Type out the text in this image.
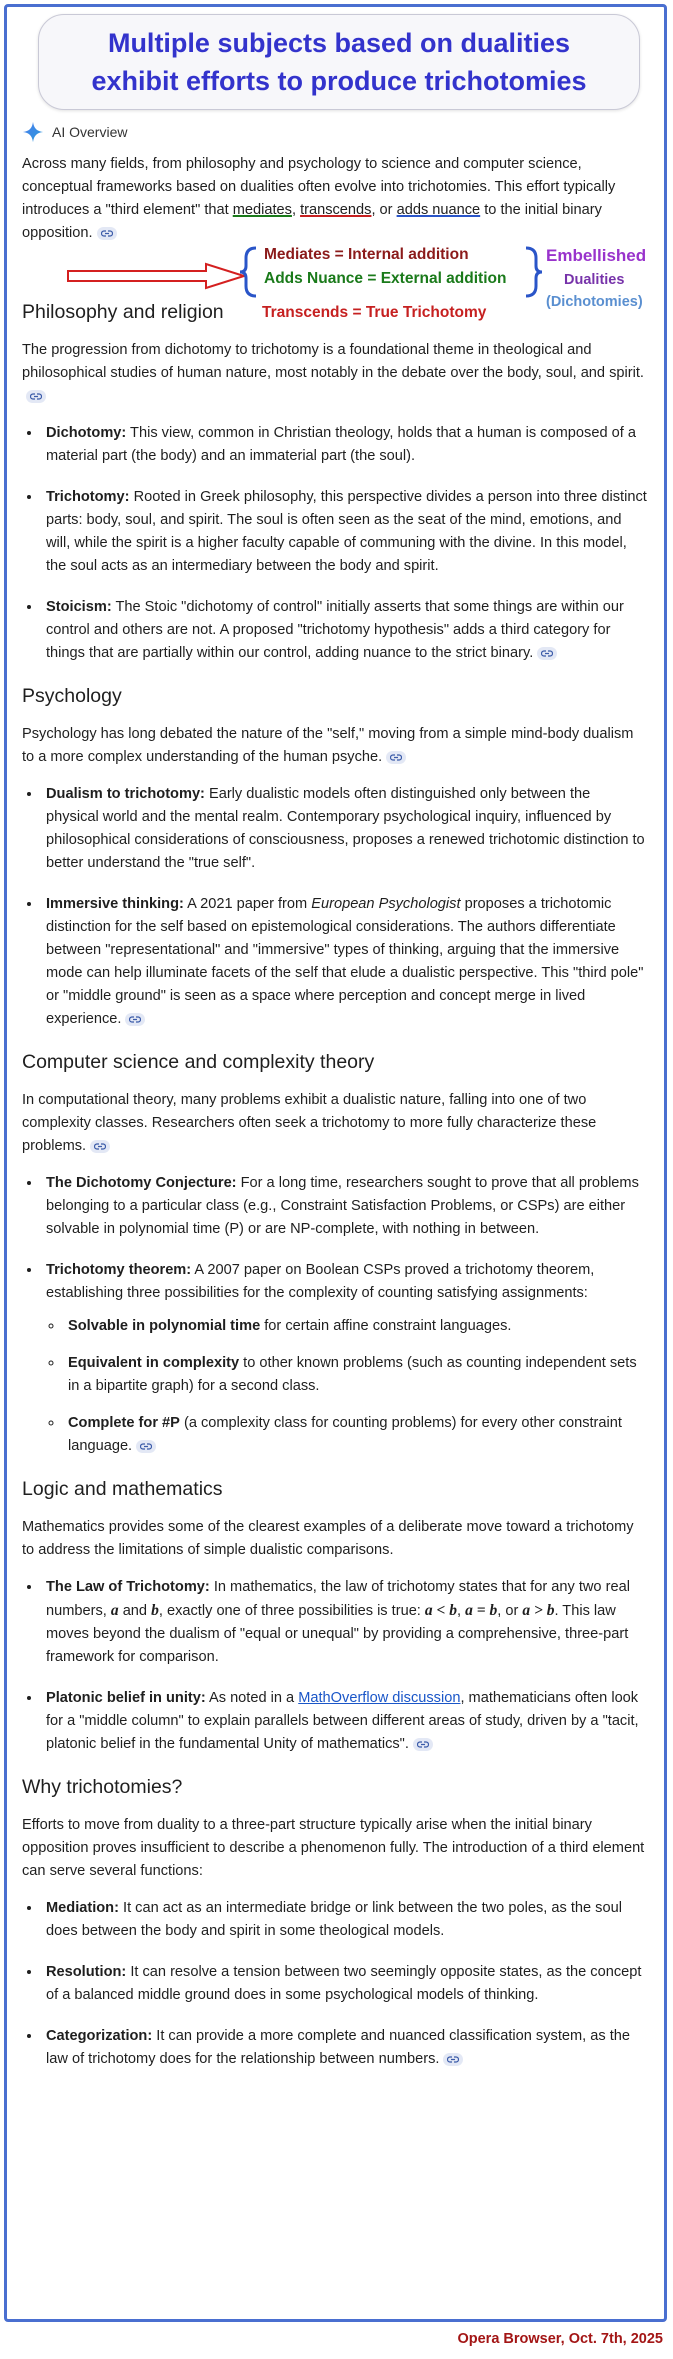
Multiple subjects based on dualities
exhibit efforts to produce trichotomies
AI Overview
Mediates = Internal addition
Adds Nuance = External addition
Embellished
Dualities
(Dichotomies)
Transcends = True Trichotomy

Across many fields, from philosophy and psychology to science and computer science, conceptual frameworks based on dualities often evolve into trichotomies. This effort typically introduces a "third element" that mediates, transcends, or adds nuance to the initial binary opposition.

Philosophy and religion

The progression from dichotomy to trichotomy is a foundational theme in theological and philosophical studies of human nature, most notably in the debate over the body, soul, and spirit.

• Dichotomy: This view, common in Christian theology, holds that a human is composed of a material part (the body) and an immaterial part (the soul).
• Trichotomy: Rooted in Greek philosophy, this perspective divides a person into three distinct parts: body, soul, and spirit. The soul is often seen as the seat of the mind, emotions, and will, while the spirit is a higher faculty capable of communing with the divine. In this model, the soul acts as an intermediary between the body and spirit.
• Stoicism: The Stoic "dichotomy of control" initially asserts that some things are within our control and others are not. A proposed "trichotomy hypothesis" adds a third category for things that are partially within our control, adding nuance to the strict binary.
Psychology

Psychology has long debated the nature of the "self," moving from a simple mind-body dualism to a more complex understanding of the human psyche.

• Dualism to trichotomy: Early dualistic models often distinguished only between the physical world and the mental realm. Contemporary psychological inquiry, influenced by philosophical considerations of consciousness, proposes a renewed trichotomic distinction to better understand the "true self".
• Immersive thinking: A 2021 paper from European Psychologist proposes a trichotomic distinction for the self based on epistemological considerations. The authors differentiate between "representational" and "immersive" types of thinking, arguing that the immersive mode can help illuminate facets of the self that elude a dualistic perspective. This "third pole" or "middle ground" is seen as a space where perception and concept merge in lived experience.
Computer science and complexity theory

In computational theory, many problems exhibit a dualistic nature, falling into one of two complexity classes. Researchers often seek a trichotomy to more fully characterize these problems.

• The Dichotomy Conjecture: For a long time, researchers sought to prove that all problems belonging to a particular class (e.g., Constraint Satisfaction Problems, or CSPs) are either solvable in polynomial time (P) or are NP-complete, with nothing in between.
• Trichotomy theorem: A 2007 paper on Boolean CSPs proved a trichotomy theorem, establishing three possibilities for the complexity of counting satisfying assignments:
◦ Solvable in polynomial time for certain affine constraint languages.
◦ Equivalent in complexity to other known problems (such as counting independent sets in a bipartite graph) for a second class.
◦ Complete for #P (a complexity class for counting problems) for every other constraint language.
Logic and mathematics

Mathematics provides some of the clearest examples of a deliberate move toward a trichotomy to address the limitations of simple dualistic comparisons.

• The Law of Trichotomy: In mathematics, the law of trichotomy states that for any two real numbers, a and b, exactly one of three possibilities is true: a < b, a = b, or a > b. This law moves beyond the dualism of "equal or unequal" by providing a comprehensive, three-part framework for comparison.
• Platonic belief in unity: As noted in a MathOverflow discussion, mathematicians often look for a "middle column" to explain parallels between different areas of study, driven by a "tacit, platonic belief in the fundamental Unity of mathematics".
Why trichotomies?

Efforts to move from duality to a three-part structure typically arise when the initial binary opposition proves insufficient to describe a phenomenon fully. The introduction of a third element can serve several functions:

• Mediation: It can act as an intermediate bridge or link between the two poles, as the soul does between the body and spirit in some theological models.
• Resolution: It can resolve a tension between two seemingly opposite states, as the concept of a balanced middle ground does in some psychological models of thinking.
• Categorization: It can provide a more complete and nuanced classification system, as the law of trichotomy does for the relationship between numbers.
Opera Browser, Oct. 7th, 2025
